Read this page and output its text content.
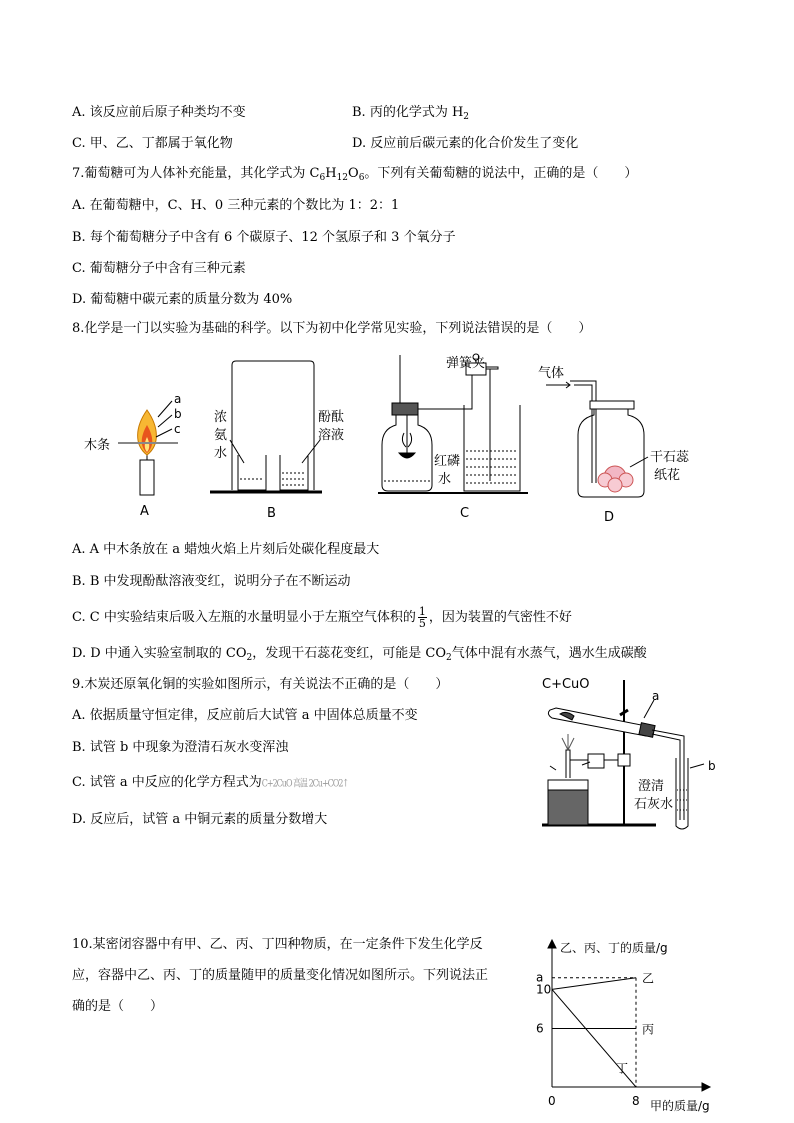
A. 该反应前后原子种类均不变	B. 丙的化学式为 $H_2$
C. 甲、乙、丁都属于氧化物	D. 反应前后碳元素的化合价发生了变化
7.葡萄糖可为人体补充能量，其化学式为 $C_6H_{12}O_6$。下列有关葡萄糖的说法中，正确的是（　　）
A. 在葡萄糖中，C、H、0 三种元素的个数比为 1：2：1
B. 每个葡萄糖分子中含有 6 个碳原子、12 个氢原子和 3 个氧分子
C. 葡萄糖分子中含有三种元素
D. 葡萄糖中碳元素的质量分数为 40%
8.化学是一门以实验为基础的科学。以下为初中化学常见实验，下列说法错误的是（　　）
木条
a
b
c
A
浓
氨
水
酚酞
溶液
B
弹簧夹
红磷
水
C
气体
干石蕊
纸花
D
A. A 中木条放在 a 蜡烛火焰上片刻后处碳化程度最大
B. B 中发现酚酞溶液变红，说明分子在不断运动
C. C 中实验结束后吸入左瓶的水量明显小于左瓶空气体积的 $\frac{1}{5}$ ，因为装置的气密性不好
D. D 中通入实验室制取的 $CO_2$，发现干石蕊花变红，可能是 $CO_2$气体中混有水蒸气，遇水生成碳酸
9.木炭还原氧化铜的实验如图所示，有关说法不正确的是（　　）
A. 依据质量守恒定律，反应前后大试管 a 中固体总质量不变
B. 试管 b 中现象为澄清石灰水变浑浊
C. 试管 a 中反应的化学方程式为C+2CuO 高温 2Cu+CO2↑
D. 反应后，试管 a 中铜元素的质量分数增大
C+CuO
a
b
澄清
石灰水
10.某密闭容器中有甲、乙、丙、丁四种物质，在一定条件下发生化学反
应，容器中乙、丙、丁的质量随甲的质量变化情况如图所示。下列说法正
确的是（　　）
乙、丙、丁的质量/g
甲的质量/g
乙
丙
丁
6
10
a
0	8
